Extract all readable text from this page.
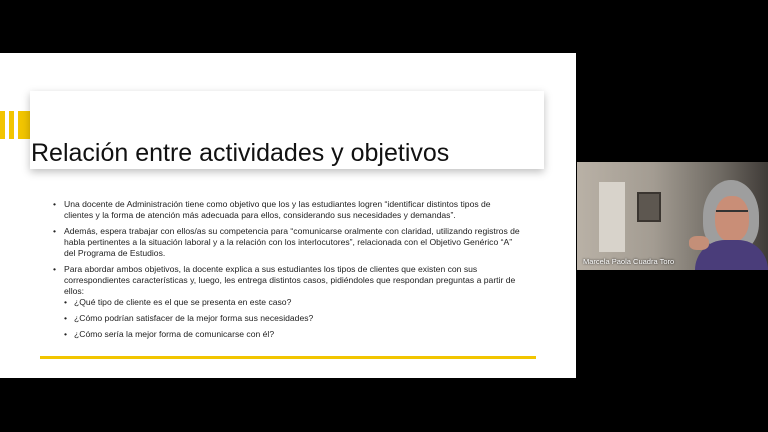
Relación entre actividades y objetivos
• Una docente de Administración tiene como objetivo que los y las estudiantes logren “identificar distintos tipos de clientes y la forma de atención más adecuada para ellos, considerando sus necesidades y demandas”.
• Además, espera trabajar con ellos/as su competencia para “comunicarse oralmente con claridad, utilizando registros de habla pertinentes a la situación laboral y a la relación con los interlocutores”, relacionada con el Objetivo Genérico “A” del Programa de Estudios.
• Para abordar ambos objetivos, la docente explica a sus estudiantes los tipos de clientes que existen con sus correspondientes características y, luego, les entrega distintos casos, pidiéndoles que respondan preguntas a partir de ellos:
• ¿Qué tipo de cliente es el que se presenta en este caso?
• ¿Cómo podrían satisfacer de la mejor forma sus necesidades?
• ¿Cómo sería la mejor forma de comunicarse con él?
Marcela Paola Cuadra Toro
